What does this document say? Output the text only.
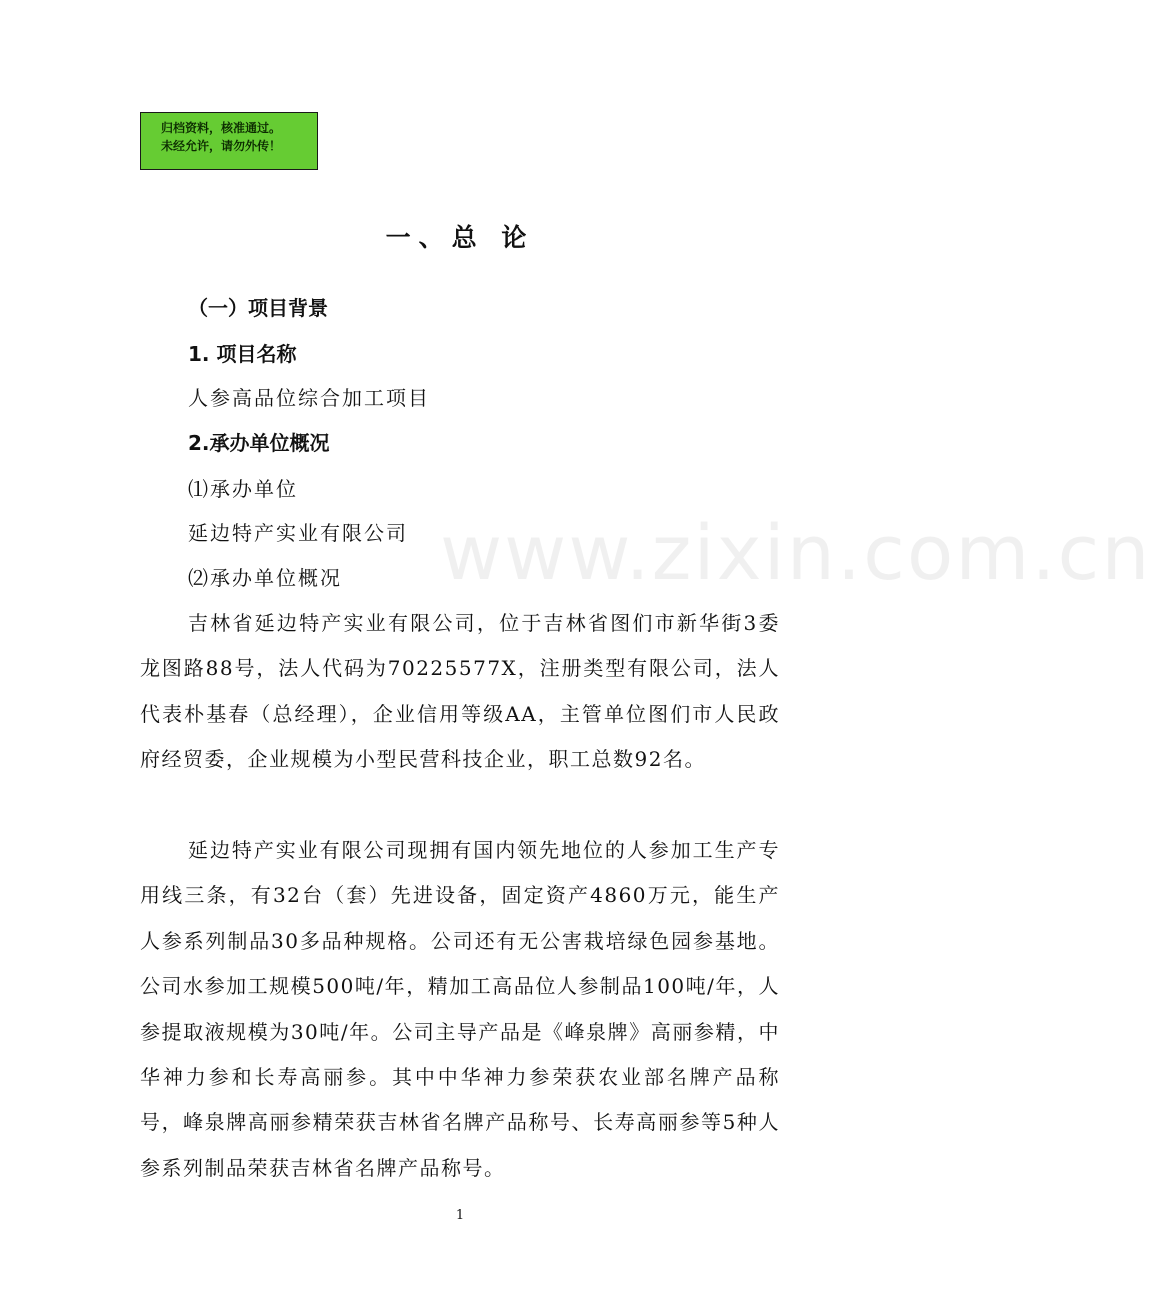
归档资料，核准通过。
未经允许，请勿外传！
www.zixin.com.cn
一、总 论
（一）项目背景
1. 项目名称
人参高品位综合加工项目
2.承办单位概况
⑴承办单位
延边特产实业有限公司
⑵承办单位概况

吉林省延边特产实业有限公司，位于吉林省图们市新华街3委龙图路88号，法人代码为70225577X，注册类型有限公司，法人代表朴基春（总经理），企业信用等级AA，主管单位图们市人民政府经贸委，企业规模为小型民营科技企业，职工总数92名。

延边特产实业有限公司现拥有国内领先地位的人参加工生产专用线三条，有32台（套）先进设备，固定资产4860万元，能生产人参系列制品30多品种规格。公司还有无公害栽培绿色园参基地。公司水参加工规模500吨/年，精加工高品位人参制品100吨/年，人参提取液规模为30吨/年。公司主导产品是《峰泉牌》高丽参精，中华神力参和长寿高丽参。其中中华神力参荣获农业部名牌产品称号，峰泉牌高丽参精荣获吉林省名牌产品称号、长寿高丽参等5种人参系列制品荣获吉林省名牌产品称号。

1
